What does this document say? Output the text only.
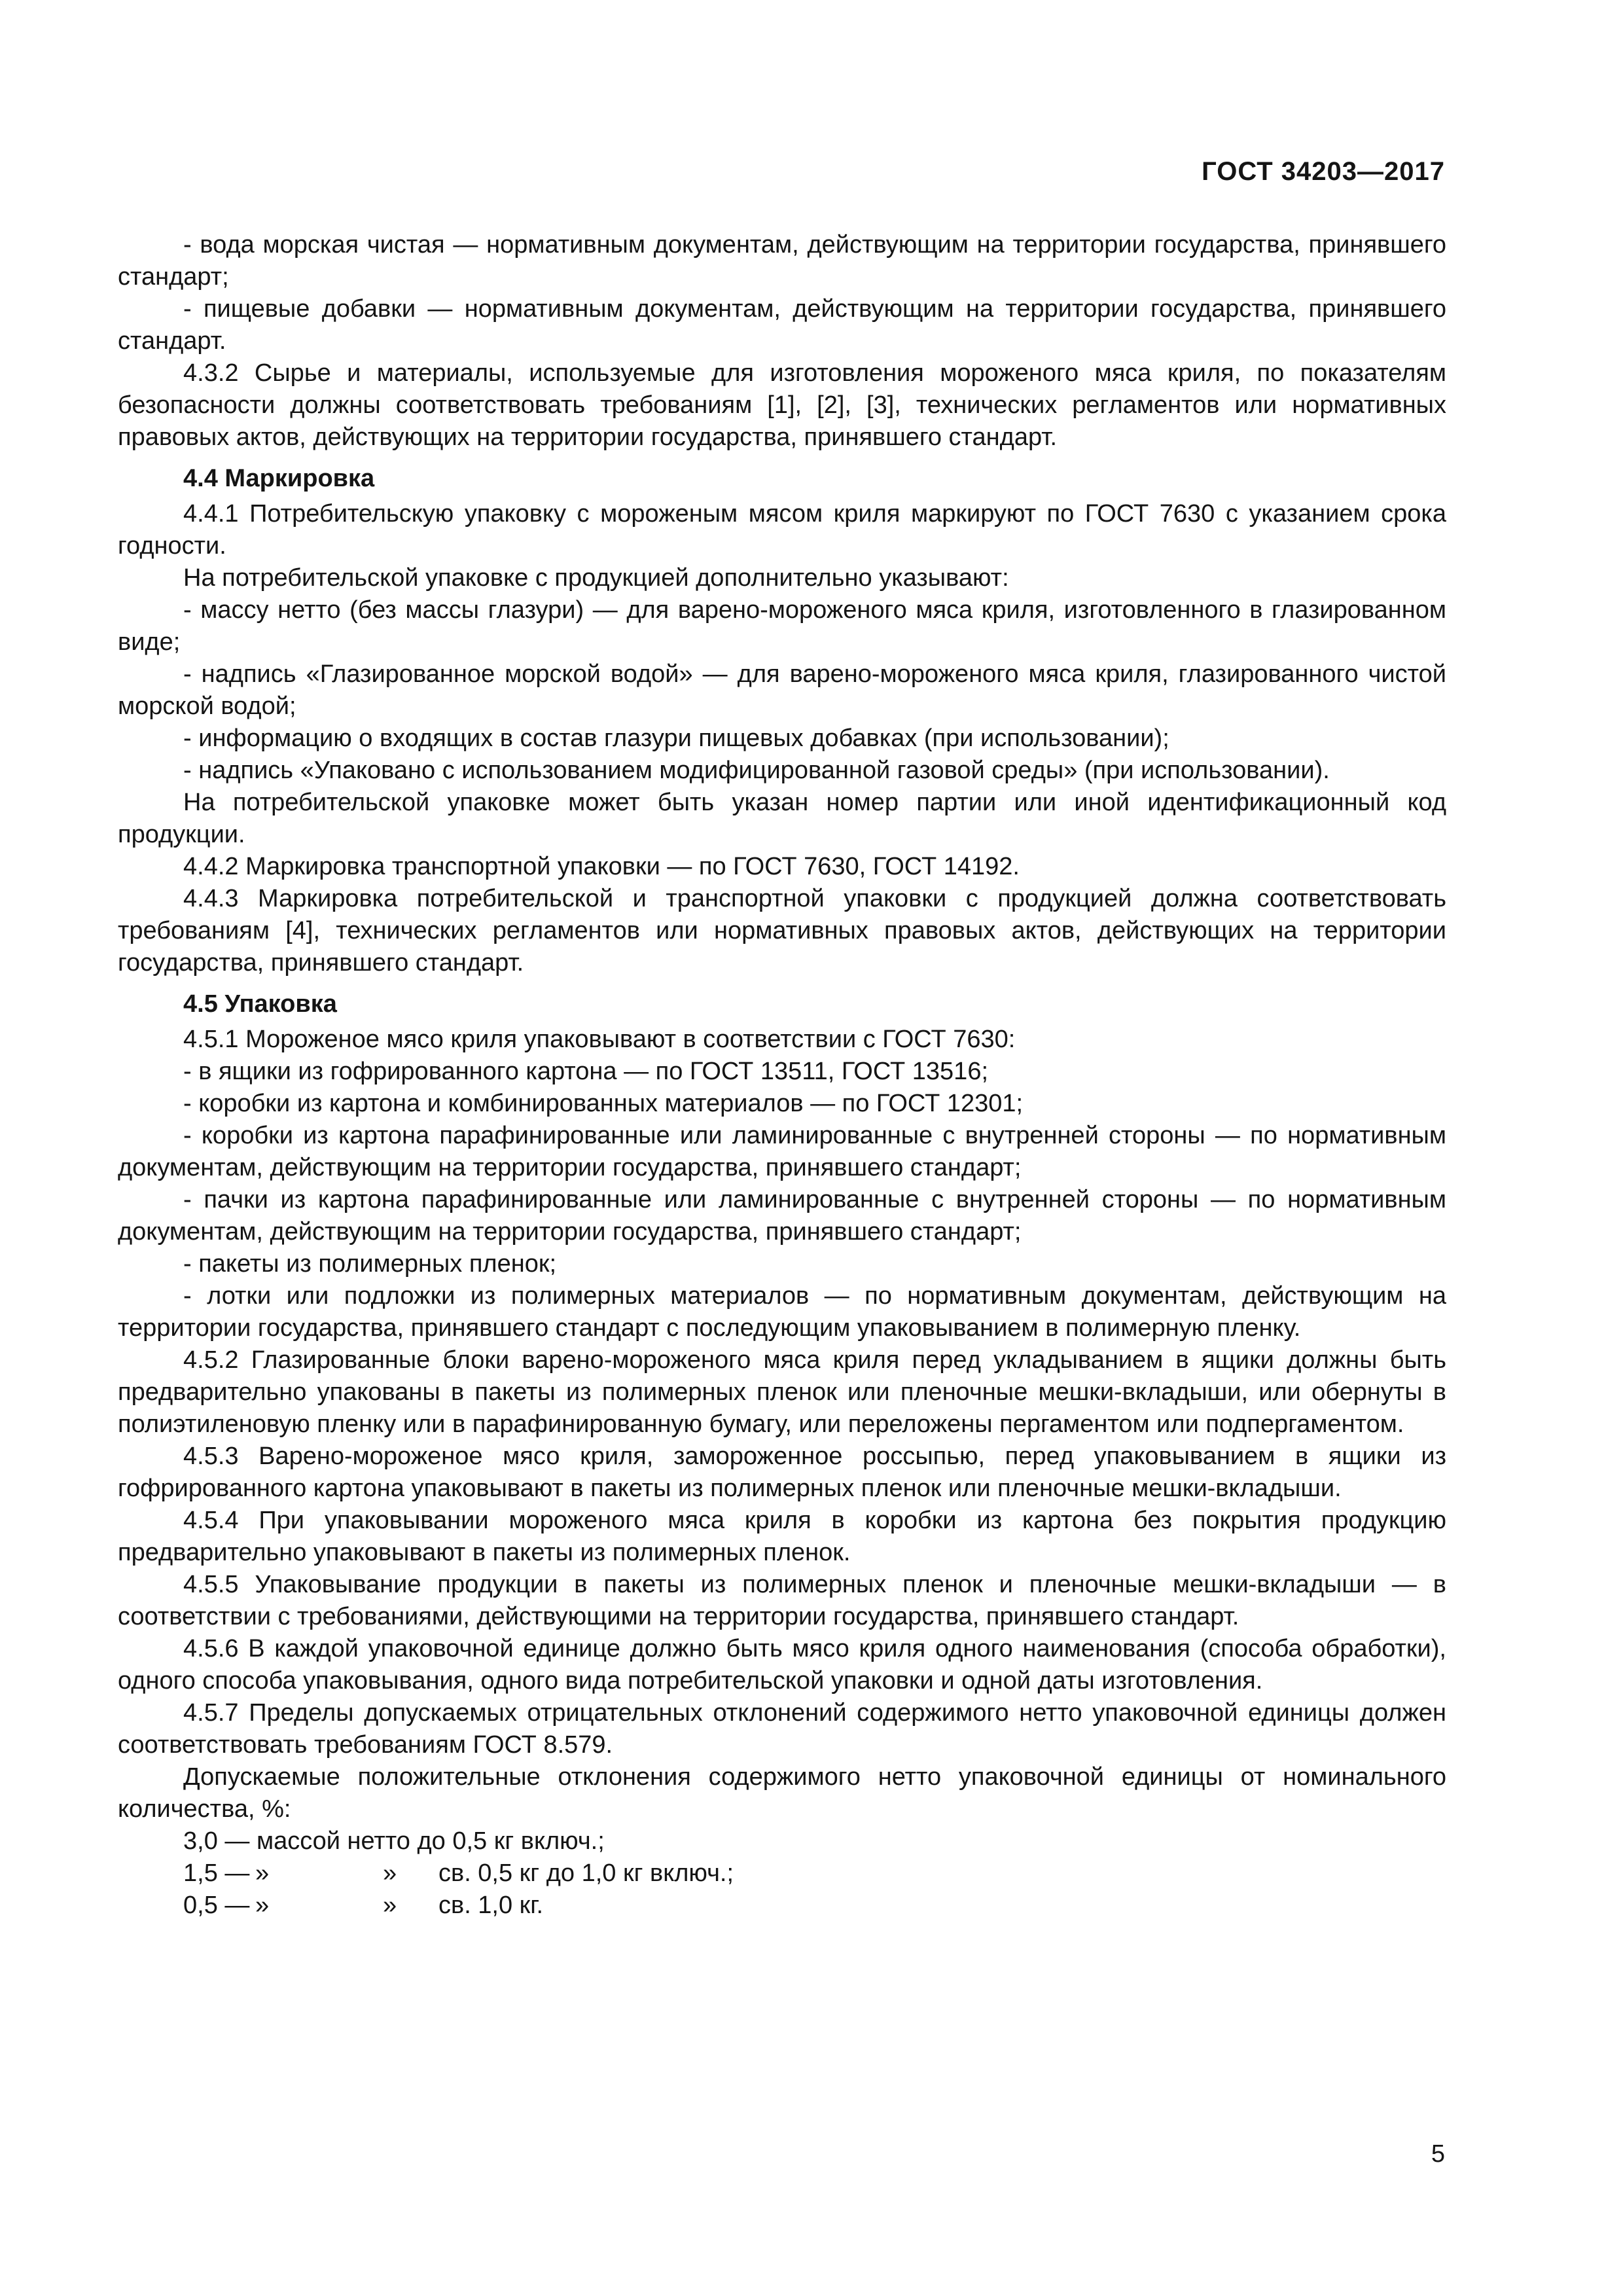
ГОСТ 34203—2017

- вода морская чистая — нормативным документам, действующим на территории государства, принявшего стандарт;

- пищевые добавки — нормативным документам, действующим на территории государства, принявшего стандарт.

4.3.2 Сырье и материалы, используемые для изготовления мороженого мяса криля, по показателям безопасности должны соответствовать требованиям [1], [2], [3], технических регламентов или нормативных правовых актов, действующих на территории государства, принявшего стандарт.

4.4 Маркировка

4.4.1 Потребительскую упаковку с мороженым мясом криля маркируют по ГОСТ 7630 с указанием срока годности.

На потребительской упаковке с продукцией дополнительно указывают:

- массу нетто (без массы глазури) — для варено-мороженого мяса криля, изготовленного в глазированном виде;

- надпись «Глазированное морской водой» — для варено-мороженого мяса криля, глазированного чистой морской водой;

- информацию о входящих в состав глазури пищевых добавках (при использовании);

- надпись «Упаковано с использованием модифицированной газовой среды» (при использовании).

На потребительской упаковке может быть указан номер партии или иной идентификационный код продукции.

4.4.2 Маркировка транспортной упаковки — по ГОСТ 7630, ГОСТ 14192.

4.4.3 Маркировка потребительской и транспортной упаковки с продукцией должна соответствовать требованиям [4], технических регламентов или нормативных правовых актов, действующих на территории государства, принявшего стандарт.

4.5 Упаковка

4.5.1 Мороженое мясо криля упаковывают в соответствии с ГОСТ 7630:

- в ящики из гофрированного картона — по ГОСТ 13511, ГОСТ 13516;

- коробки из картона и комбинированных материалов — по ГОСТ 12301;

- коробки из картона парафинированные или ламинированные с внутренней стороны — по нормативным документам, действующим на территории государства, принявшего стандарт;

- пачки из картона парафинированные или ламинированные с внутренней стороны — по нормативным документам, действующим на территории государства, принявшего стандарт;

- пакеты из полимерных пленок;

- лотки или подложки из полимерных материалов — по нормативным документам, действующим на территории государства, принявшего стандарт с последующим упаковыванием в полимерную пленку.

4.5.2 Глазированные блоки варено-мороженого мяса криля перед укладыванием в ящики должны быть предварительно упакованы в пакеты из полимерных пленок или пленочные мешки-вкладыши, или обернуты в полиэтиленовую пленку или в парафинированную бумагу, или переложены пергаментом или подпергаментом.

4.5.3 Варено-мороженое мясо криля, замороженное россыпью, перед упаковыванием в ящики из гофрированного картона упаковывают в пакеты из полимерных пленок или пленочные мешки-вкладыши.

4.5.4 При упаковывании мороженого мяса криля в коробки из картона без покрытия продукцию предварительно упаковывают в пакеты из полимерных пленок.

4.5.5 Упаковывание продукции в пакеты из полимерных пленок и пленочные мешки-вкладыши — в соответствии с требованиями, действующими на территории государства, принявшего стандарт.

4.5.6 В каждой упаковочной единице должно быть мясо криля одного наименования (способа обработки), одного способа упаковывания, одного вида потребительской упаковки и одной даты изготовления.

4.5.7 Пределы допускаемых отрицательных отклонений содержимого нетто упаковочной единицы должен соответствовать требованиям ГОСТ 8.579.

Допускаемые положительные отклонения содержимого нетто упаковочной единицы от номинального количества, %:

3,0 — массой нетто до 0,5 кг включ.;
1,5 — »	» св. 0,5 кг до 1,0 кг включ.;
0,5 — »	» св. 1,0 кг.
5
